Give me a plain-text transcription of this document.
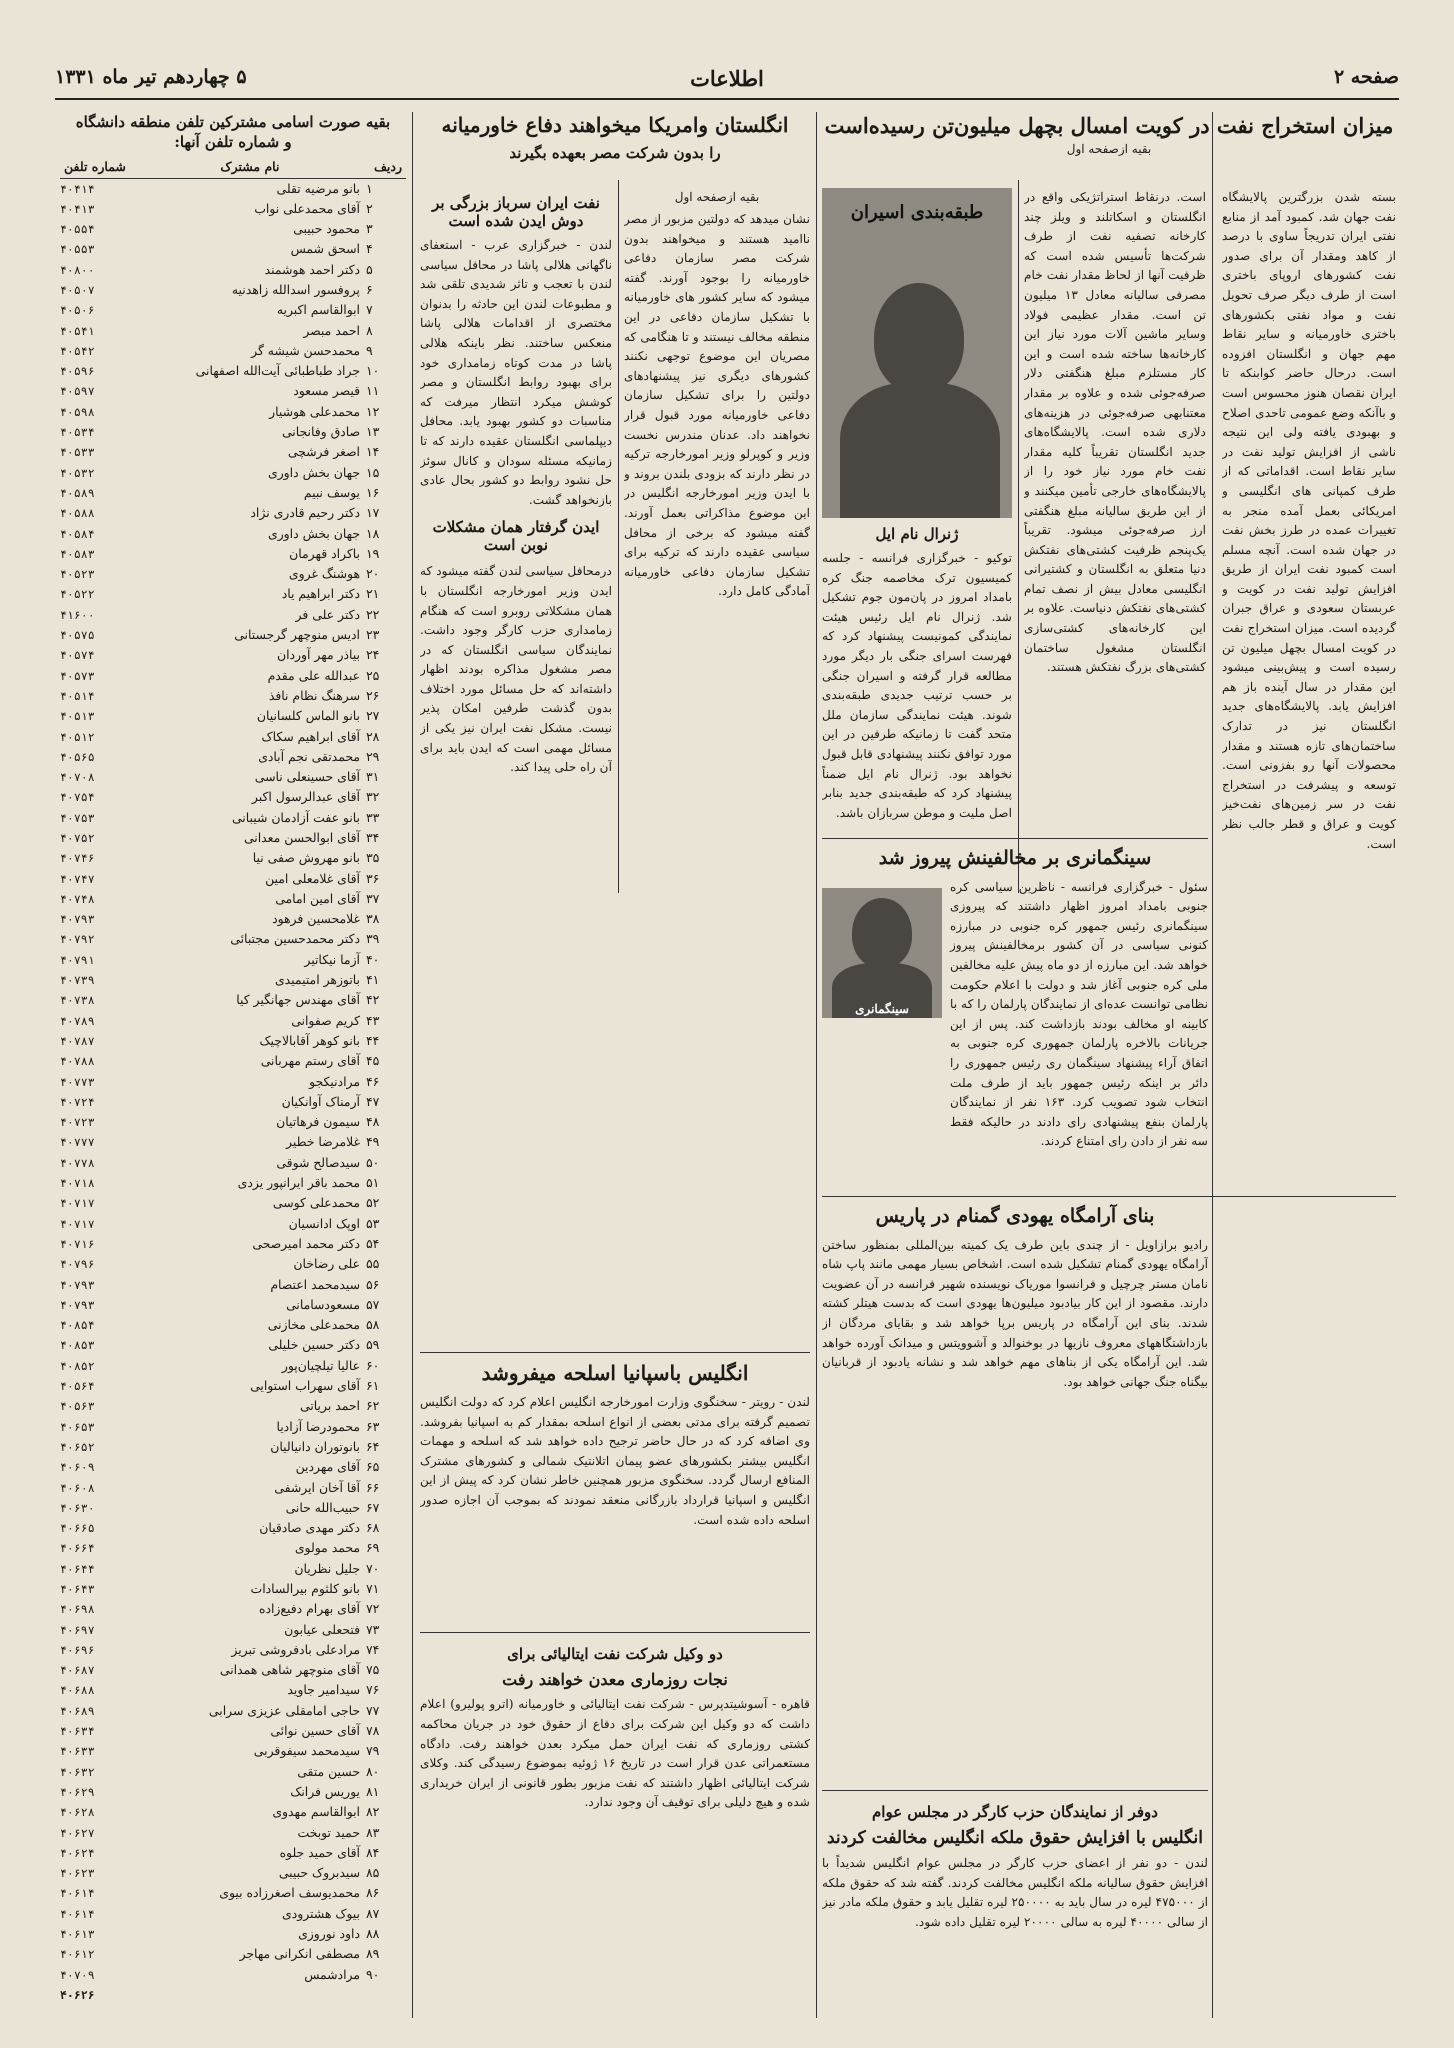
صفحه ۲
اطلاعات
۵ چهاردهم تیر ماه ۱۳۳۱

میزان استخراج نفت در کویت امسال بچهل میلیون‌تن رسیده‌است

بقیه ازصفحه اول

بسته شدن بزرگترین پالایشگاه نفت جهان شد. کمبود آمد از منابع نفتی ایران تدریجاً ساوی با درصد از کاهد ومقدار آن برای صدور نفت کشورهای اروپای باختری است از طرف دیگر صرف تحویل نفت و مواد نفتی بکشورهای باختری خاورمیانه و سایر نقاط مهم جهان و انگلستان افزوده است. درحال حاضر کوابنکه تا ایران نقصان هنوز محسوس است و باآنکه وضع عمومی تاحدی اصلاح و بهبودی یافته ولی این نتیجه ناشی از افزایش تولید نفت در سایر نقاط است. اقداماتی که از طرف کمپانی های انگلیسی و امریکائی بعمل آمده منجر به تغییرات عمده در طرز بخش نفت در جهان شده است. آنچه مسلم است کمبود نفت ایران از طریق افزایش تولید نفت در کویت و عربستان سعودی و عراق جبران گردیده است. میزان استخراج نفت در کویت امسال بچهل میلیون تن رسیده است و پیش‌بینی میشود این مقدار در سال آینده باز هم افزایش یابد. پالایشگاه‌های جدید انگلستان نیز در تدارک ساختمان‌های تازه هستند و مقدار محصولات آنها رو بفزونی است. توسعه و پیشرفت در استخراج نفت در سر زمین‌های نفت‌خیز کویت و عراق و قطر جالب نظر است.

است. درنقاط استراتژیکی واقع در انگلستان و اسکاتلند و ویلز چند کارخانه تصفیه نفت از طرف شرکت‌ها تأسیس شده است که ظرفیت آنها از لحاظ مقدار نفت خام مصرفی سالیانه معادل ۱۳ میلیون تن است. مقدار عظیمی فولاد وسایر ماشین آلات مورد نیاز این کارخانه‌ها ساخته شده است و این کار مستلزم مبلغ هنگفتی دلار صرفه‌جوئی شده و علاوه بر مقدار معتنابهی صرفه‌جوئی در هزینه‌های دلاری شده است. پالایشگاه‌های جدید انگلستان تقریباً کلیه مقدار نفت خام مورد نیاز خود را از پالایشگاه‌های خارجی تأمین میکنند و از این طریق سالیانه مبلغ هنگفتی ارز صرفه‌جوئی میشود. تقریباً یک‌پنجم ظرفیت کشتی‌های نفتکش دنیا متعلق به انگلستان و کشتیرانی انگلیسی معادل بیش از نصف تمام کشتی‌های نفتکش دنیاست. علاوه بر این کارخانه‌های کشتی‌سازی انگلستان مشغول ساختمان کشتی‌های بزرگ نفتکش هستند.

طبقه‌بندی اسیران

ژنرال نام ایل

توکیو - خبرگزاری فرانسه - جلسه کمیسیون ترک مخاصمه جنگ کره بامداد امروز در پان‌مون جوم تشکیل شد. ژنرال نام ایل رئیس هیئت نمایندگی کمونیست پیشنهاد کرد که فهرست اسرای جنگی بار دیگر مورد مطالعه قرار گرفته و اسیران جنگی بر حسب ترتیب جدیدی طبقه‌بندی شوند. هیئت نمایندگی سازمان ملل متحد گفت تا زمانیکه طرفین در این مورد توافق نکنند پیشنهادی قابل قبول نخواهد بود. ژنرال نام ایل ضمناً پیشنهاد کرد که طبقه‌بندی جدید بنابر اصل ملیت و موطن سربازان باشد.

سینگمانری بر مخالفینش پیروز شد

سینگمانری

سئول - خبرگزاری فرانسه - ناظرین سیاسی کره جنوبی بامداد امروز اظهار داشتند که پیروزی سینگمانری رئیس جمهور کره جنوبی در مبارزه کنونی سیاسی در آن کشور برمخالفینش پیروز خواهد شد. این مبارزه از دو ماه پیش علیه مخالفین ملی کره جنوبی آغاز شد و دولت با اعلام حکومت نظامی توانست عده‌ای از نمایندگان پارلمان را که با کابینه او مخالف بودند بازداشت کند. پس از این جریانات بالاخره پارلمان جمهوری کره جنوبی به اتفاق آراء پیشنهاد سینگمان ری رئیس جمهوری را دائر بر اینکه رئیس جمهور باید از طرف ملت انتخاب شود تصویب کرد. ۱۶۳ نفر از نمایندگان پارلمان بنفع پیشنهادی رای دادند در حالیکه فقط سه نفر از دادن رای امتناع کردند.

بنای آرامگاه یهودی گمنام در پاریس

رادیو برازاویل - از چندی باین طرف یک کمیته بین‌المللی بمنظور ساختن آرامگاه یهودی گمنام تشکیل شده است. اشخاص بسیار مهمی مانند پاپ شاه نامان مستر چرچیل و فرانسوا موریاک نویسنده شهیر فرانسه در آن عضویت دارند. مقصود از این کار بیادبود میلیون‌ها یهودی است که بدست هیتلر کشته شدند. بنای این آرامگاه در پاریس برپا خواهد شد و بقایای مردگان از بازداشتگاههای معروف نازیها در بوخنوالد و آشوویتس و میدانک آورده خواهد شد. این آرامگاه یکی از بناهای مهم خواهد شد و نشانه یادبود از قربانیان بیگناه جنگ جهانی خواهد بود.

دوفر از نمایندگان حزب کارگر در مجلس عوام

انگلیس با افزایش حقوق ملکه انگلیس مخالفت کردند

لندن - دو نفر از اعضای حزب کارگر در مجلس عوام انگلیس شدیداً با افزایش حقوق سالیانه ملکه انگلیس مخالفت کردند. گفته شد که حقوق ملکه از ۴۷۵۰۰۰ لیره در سال باید به ۲۵۰۰۰۰ لیره تقلیل یابد و حقوق ملکه مادر نیز از سالی ۴۰۰۰۰ لیره به سالی ۲۰۰۰۰ لیره تقلیل داده شود.

انگلستان وامریکا میخواهند دفاع خاورمیانه

را بدون شرکت مصر بعهده بگیرند

بقیه ازصفحه اول

نشان میدهد که دولتین مزبور از مصر ناامید هستند و میخواهند بدون شرکت مصر سازمان دفاعی خاورمیانه را بوجود آورند. گفته میشود که سایر کشور های خاورمیانه با تشکیل سازمان دفاعی در این منطقه مخالف نیستند و تا هنگامی که مصریان این موضوع توجهی نکنند کشورهای دیگری نیز پیشنهادهای دولتین را برای تشکیل سازمان دفاعی خاورمیانه مورد قبول قرار نخواهند داد. عدنان مندرس نخست وزیر و کوپرلو وزیر امورخارجه ترکیه در نظر دارند که بزودی بلندن بروند و با ایدن وزیر امورخارجه انگلیس در این موضوع مذاکراتی بعمل آورند. گفته میشود که برخی از محافل سیاسی عقیده دارند که ترکیه برای تشکیل سازمان دفاعی خاورمیانه آمادگی کامل دارد.

نفت ایران سرباز بزرگی بر دوش ایدن شده است

لندن - خبرگزاری عرب - استعفای ناگهانی هلالی پاشا در محافل سیاسی لندن با تعجب و تاثر شدیدی تلقی شد و مطبوعات لندن این حادثه را بدنوان مختصری از اقدامات هلالی پاشا منعکس ساختند. نظر باینکه هلالی پاشا در مدت کوتاه زمامداری خود برای بهبود روابط انگلستان و مصر کوشش میکرد انتظار میرفت که مناسبات دو کشور بهبود یابد. محافل دیپلماسی انگلستان عقیده دارند که تا زمانیکه مسئله سودان و کانال سوئز حل نشود روابط دو کشور بحال عادی بازنخواهد گشت.

ایدن گرفتار همان مشکلات نوبن است

درمحافل سیاسی لندن گفته میشود که ایدن وزیر امورخارجه انگلستان با همان مشکلاتی روبرو است که هنگام زمامداری حزب کارگر وجود داشت. نمایندگان سیاسی انگلستان که در مصر مشغول مذاکره بودند اظهار داشته‌اند که حل مسائل مورد اختلاف بدون گذشت طرفین امکان پذیر نیست. مشکل نفت ایران نیز یکی از مسائل مهمی است که ایدن باید برای آن راه حلی پیدا کند.

انگلیس باسپانیا اسلحه میفروشد

لندن - رویتر - سخنگوی وزارت امورخارجه انگلیس اعلام کرد که دولت انگلیس تصمیم گرفته برای مدتی بعضی از انواع اسلحه بمقدار کم به اسپانیا بفروشد. وی اضافه کرد که در حال حاضر ترجیح داده خواهد شد که اسلحه و مهمات انگلیس بیشتر بکشورهای عضو پیمان اتلانتیک شمالی و کشورهای مشترک المنافع ارسال گردد. سخنگوی مزبور همچنین خاطر نشان کرد که پیش از این انگلیس و اسپانیا قرارداد بازرگانی منعقد نمودند که بموجب آن اجازه صدور اسلحه داده شده است.

دو وکیل شرکت نفت ایتالیائی برای

نجات روزماری معدن خواهند رفت

قاهره - آسوشیتدپرس - شرکت نفت ایتالیائی و خاورمیانه (اترو پولیرو) اعلام داشت که دو وکیل این شرکت برای دفاع از حقوق خود در جریان محاکمه کشتی روزماری که نفت ایران حمل میکرد بعدن خواهند رفت. دادگاه مستعمراتی عدن قرار است در تاریخ ۱۶ ژوئیه بموضوع رسیدگی کند. وکلای شرکت ایتالیائی اظهار داشتند که نفت مزبور بطور قانونی از ایران خریداری شده و هیچ دلیلی برای توقیف آن وجود ندارد.

بقیه صورت اسامی مشترکین تلفن منطقه دانشگاه

و شماره تلفن آنها:

ردیف
نام مشترک
شماره تلفن
۱
بانو مرضیه تقلی
۴۰۴۱۴
۲
آقای محمدعلی نواب
۴۰۴۱۳
۳
محمود حبیبی
۴۰۵۵۴
۴
اسحق شمس
۴۰۵۵۳
۵
دکتر احمد هوشمند
۴۰۸۰۰
۶
پروفسور اسدالله زاهدنیه
۴۰۵۰۷
۷
ابوالقاسم اکبریه
۴۰۵۰۶
۸
احمد مبصر
۴۰۵۴۱
۹
محمدحسن شیشه گر
۴۰۵۴۲
۱۰
جراد طباطبائی آیت‌الله اصفهانی
۴۰۵۹۶
۱۱
قیصر مسعود
۴۰۵۹۷
۱۲
محمدعلی هوشیار
۴۰۵۹۸
۱۳
صادق وفانجانی
۴۰۵۳۴
۱۴
اصغر فرشچی
۴۰۵۳۳
۱۵
جهان بخش داوری
۴۰۵۳۲
۱۶
یوسف نبیم
۴۰۵۸۹
۱۷
دکتر رحیم قادری نژاد
۴۰۵۸۸
۱۸
جهان بخش داوری
۴۰۵۸۴
۱۹
باکراد قهرمان
۴۰۵۸۳
۲۰
هوشنگ غروی
۴۰۵۲۳
۲۱
دکتر ابراهیم یاد
۴۰۵۲۲
۲۲
دکتر علی فر
۴۱۶۰۰
۲۳
ادیس منوچهر گرجستانی
۴۰۵۷۵
۲۴
بیاذر مهر آوردان
۴۰۵۷۴
۲۵
عبدالله علی مقدم
۴۰۵۷۳
۲۶
سرهنگ نظام نافذ
۴۰۵۱۴
۲۷
بانو الماس کلسانیان
۴۰۵۱۳
۲۸
آقای ابراهیم سکاک
۴۰۵۱۲
۲۹
محمدتقی نجم آبادی
۴۰۵۶۵
۳۱
آقای حسینعلی ناسی
۴۰۷۰۸
۳۲
آقای عبدالرسول اکبر
۴۰۷۵۴
۳۳
بانو عفت آزادمان شیبانی
۴۰۷۵۳
۳۴
آقای ابوالحسن معدانی
۴۰۷۵۲
۳۵
بانو مهروش صفی نیا
۴۰۷۴۶
۳۶
آقای غلامعلی امین
۴۰۷۴۷
۳۷
آقای امین امامی
۴۰۷۴۸
۳۸
غلامحسین فرهود
۴۰۷۹۳
۳۹
دکتر محمدحسین مجتبائی
۴۰۷۹۲
۴۰
آزما نیکاتیر
۴۰۷۹۱
۴۱
باتوزهر امتیمیدی
۴۰۷۳۹
۴۲
آقای مهندس جهانگیر کیا
۴۰۷۳۸
۴۳
کریم صفوانی
۴۰۷۸۹
۴۴
بانو کوهر آقابالاچیک
۴۰۷۸۷
۴۵
آقای رستم مهربانی
۴۰۷۸۸
۴۶
مرادنیکجو
۴۰۷۷۳
۴۷
آرمناک آوانکیان
۴۰۷۲۴
۴۸
سیمون فرهاتیان
۴۰۷۲۳
۴۹
غلامرضا خطیر
۴۰۷۷۷
۵۰
سیدصالح شوقی
۴۰۷۷۸
۵۱
محمد باقر ایرانپور یزدی
۴۰۷۱۸
۵۲
محمدعلی کوسی
۴۰۷۱۷
۵۳
اوپک ادانسیان
۴۰۷۱۷
۵۴
دکتر محمد امیرصحی
۴۰۷۱۶
۵۵
علی رضاخان
۴۰۷۹۶
۵۶
سیدمحمد اعتصام
۴۰۷۹۳
۵۷
مسعودسامانی
۴۰۷۹۳
۵۸
محمدعلی مخازنی
۴۰۸۵۴
۵۹
دکتر حسین خلیلی
۴۰۸۵۳
۶۰
عالیا تیلچیان‌پور
۴۰۸۵۲
۶۱
آقای سهراب استوایی
۴۰۵۶۴
۶۲
احمد بریاتی
۴۰۵۶۳
۶۳
محمودرضا آزادیا
۴۰۶۵۳
۶۴
بانوتوران دانیالیان
۴۰۶۵۲
۶۵
آقای مهردین
۴۰۶۰۹
۶۶
آقا آخان ایرشفی
۴۰۶۰۸
۶۷
حبیب‌الله حانی
۴۰۶۳۰
۶۸
دکتر مهدی صادقیان
۴۰۶۶۵
۶۹
محمد مولوی
۴۰۶۶۴
۷۰
جلیل نظریان
۴۰۶۴۴
۷۱
بانو کلثوم بیرالسادات
۴۰۶۴۳
۷۲
آقای بهرام دفیع‌زاده
۴۰۶۹۸
۷۳
فتحعلی عیابون
۴۰۶۹۷
۷۴
مرادعلی بادفروشی تبریز
۴۰۶۹۶
۷۵
آقای منوچهر شاهی همدانی
۴۰۶۸۷
۷۶
سیدامیر جاوید
۴۰۶۸۸
۷۷
حاجی امامقلی عزیزی سرابی
۴۰۶۸۹
۷۸
آقای حسین نوائی
۴۰۶۳۴
۷۹
سیدمحمد سیفوقربی
۴۰۶۳۳
۸۰
حسین متقی
۴۰۶۳۲
۸۱
یوریس فرانک
۴۰۶۲۹
۸۲
ابوالقاسم مهدوی
۴۰۶۲۸
۸۳
حمید توبخت
۴۰۶۲۷
۸۴
آقای حمید جلوه
۴۰۶۲۴
۸۵
سیدبروک حبیبی
۴۰۶۲۳
۸۶
محمدیوسف اصغرزاده بیوی
۴۰۶۱۴
۸۷
بیوک هشترودی
۴۰۶۱۴
۸۸
داود نوروزی
۴۰۶۱۳
۸۹
مصطفی انکرانی مهاجر
۴۰۶۱۲
۹۰
مرادشمس
۴۰۷۰۹
۴۰۶۲۶
